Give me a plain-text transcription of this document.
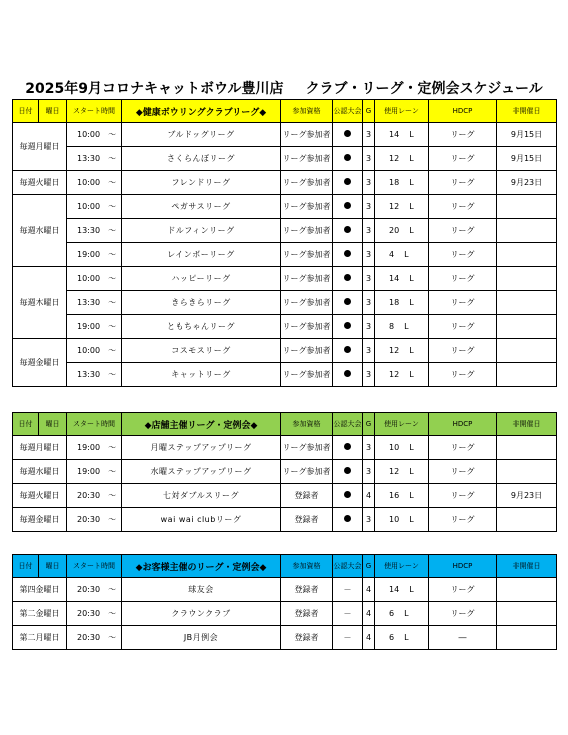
2025年9月コロナキャットボウル豊川店 クラブ・リーグ・定例会スケジュール
日付	曜日	スタート時間	◆健康ボウリングクラブリーグ◆	参加資格	公認大会	G	使用レーン	HDCP	非開催日
毎週月曜日		10:00 ～	ブルドッグリーグ	リーグ参加者		3	14 L	リーグ	9月15日
		13:30 ～	さくらんぼリーグ	リーグ参加者		3	12 L	リーグ	9月15日
毎週火曜日		10:00 ～	フレンドリーグ	リーグ参加者		3	18 L	リーグ	9月23日
毎週水曜日		10:00 ～	ペガサスリーグ	リーグ参加者		3	12 L	リーグ	
		13:30 ～	ドルフィンリーグ	リーグ参加者		3	20 L	リーグ	
		19:00 ～	レインボーリーグ	リーグ参加者		3	4 L	リーグ	
毎週木曜日		10:00 ～	ハッピーリーグ	リーグ参加者		3	14 L	リーグ	
		13:30 ～	きらきらリーグ	リーグ参加者		3	18 L	リーグ	
		19:00 ～	ともちゃんリーグ	リーグ参加者		3	8 L	リーグ	
毎週金曜日		10:00 ～	コスモスリーグ	リーグ参加者		3	12 L	リーグ	
		13:30 ～	キャットリーグ	リーグ参加者		3	12 L	リーグ	
日付	曜日	スタート時間	◆店舗主催リーグ・定例会◆	参加資格	公認大会	G	使用レーン	HDCP	非開催日
毎週月曜日		19:00 ～	月曜ステップアップリーグ	リーグ参加者		3	10 L	リーグ	
毎週水曜日		19:00 ～	水曜ステップアップリーグ	リーグ参加者		3	12 L	リーグ	
毎週火曜日		20:30 ～	七対ダブルスリーグ	登録者		4	16 L	リーグ	9月23日
毎週金曜日		20:30 ～	wai wai clubリーグ	登録者		3	10 L	リーグ	
日付	曜日	スタート時間	◆お客様主催のリーグ・定例会◆	参加資格	公認大会	G	使用レーン	HDCP	非開催日
第四金曜日		20:30 ～	球友会	登録者	－	4	14 L	リーグ	
第二金曜日		20:30 ～	クラウンクラブ	登録者	－	4	6 L	リーグ	
第二月曜日		20:30 ～	JB月例会	登録者	－	4	6 L	―	
